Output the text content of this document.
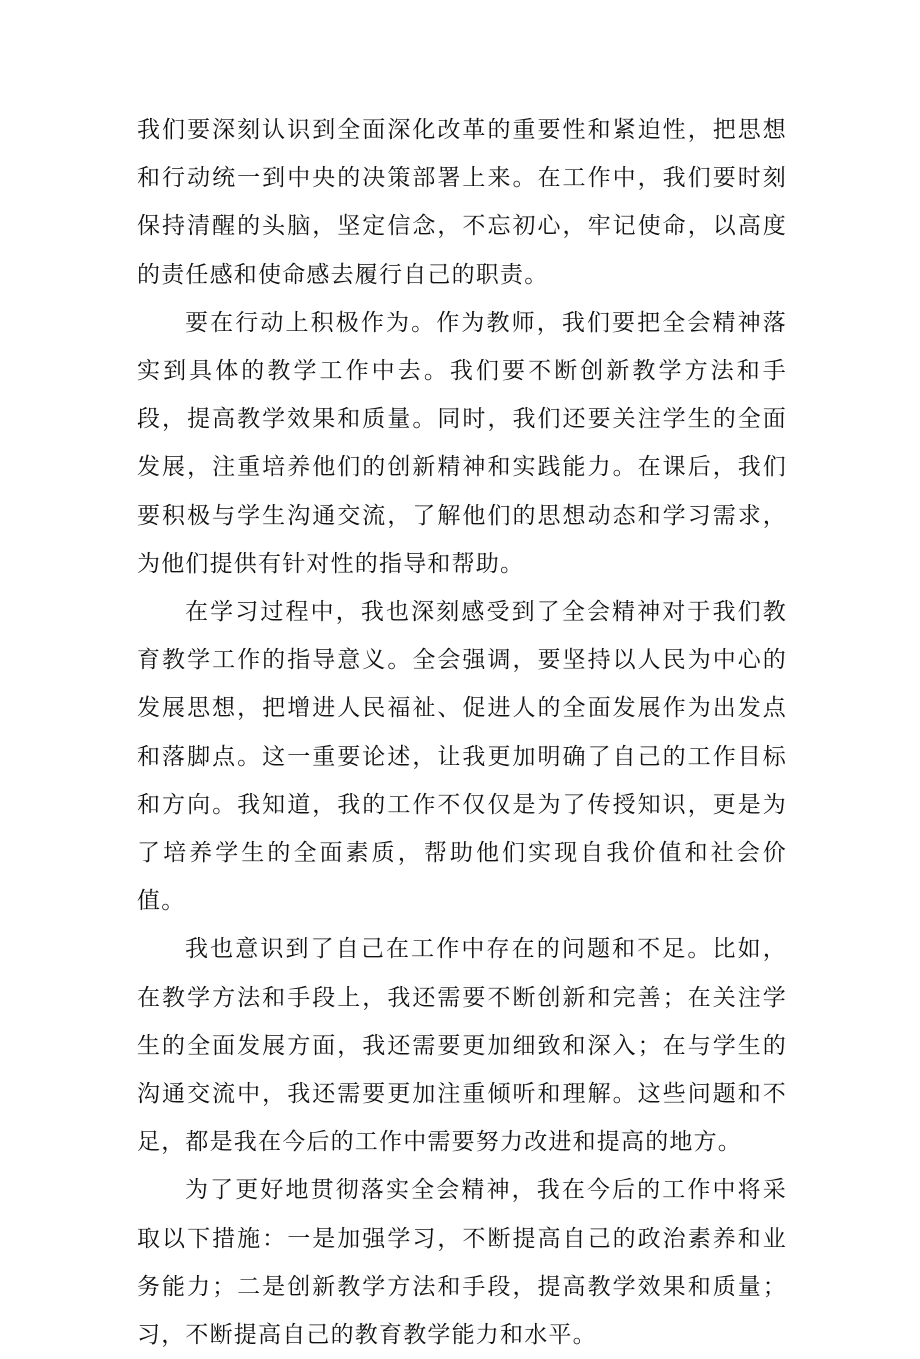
我们要深刻认识到全面深化改革的重要性和紧迫性，把思想和行动统一到中央的决策部署上来。在工作中，我们要时刻保持清醒的头脑，坚定信念，不忘初心，牢记使命，以高度的责任感和使命感去履行自己的职责。

要在行动上积极作为。作为教师，我们要把全会精神落实到具体的教学工作中去。我们要不断创新教学方法和手段，提高教学效果和质量。同时，我们还要关注学生的全面发展，注重培养他们的创新精神和实践能力。在课后，我们要积极与学生沟通交流，了解他们的思想动态和学习需求，为他们提供有针对性的指导和帮助。

在学习过程中，我也深刻感受到了全会精神对于我们教育教学工作的指导意义。全会强调，要坚持以人民为中心的发展思想，把增进人民福祉、促进人的全面发展作为出发点和落脚点。这一重要论述，让我更加明确了自己的工作目标和方向。我知道，我的工作不仅仅是为了传授知识，更是为了培养学生的全面素质，帮助他们实现自我价值和社会价值。

我也意识到了自己在工作中存在的问题和不足。比如，在教学方法和手段上，我还需要不断创新和完善；在关注学生的全面发展方面，我还需要更加细致和深入；在与学生的沟通交流中，我还需要更加注重倾听和理解。这些问题和不足，都是我在今后的工作中需要努力改进和提高的地方。

为了更好地贯彻落实全会精神，我在今后的工作中将采取以下措施：一是加强学习，不断提高自己的政治素养和业务能力；二是创新教学方法和手段，提高教学效果和质量；习，不断提高自己的教育教学能力和水平。
